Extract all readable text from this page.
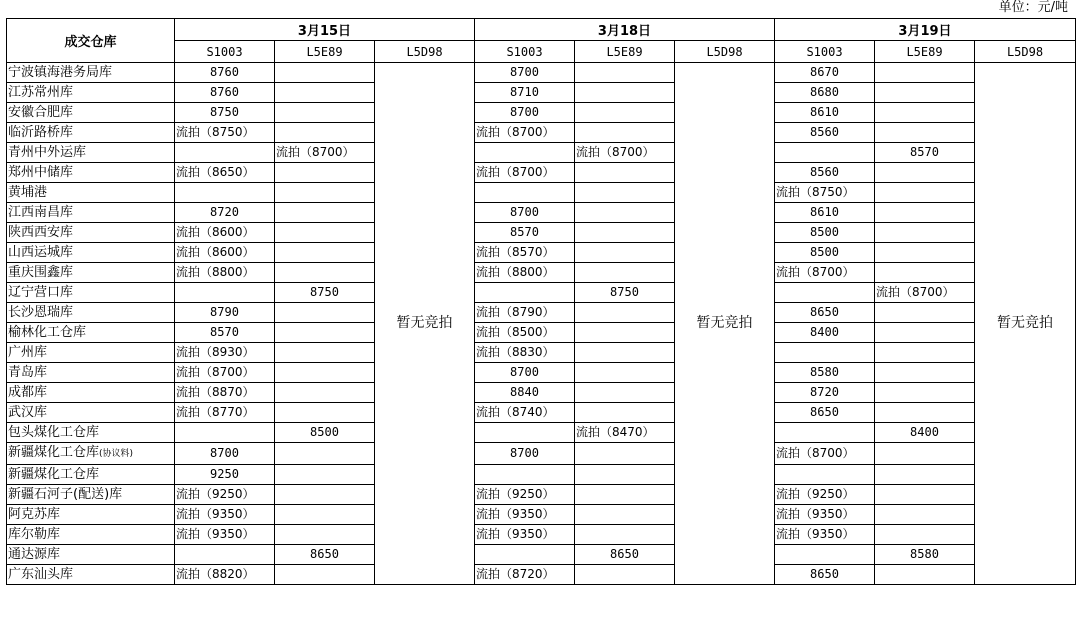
单位：元/吨
成交仓库	3月15日			3月18日			3月19日		
	S1003	L5E89	L5D98	S1003	L5E89	L5D98	S1003	L5E89	L5D98
宁波镇海港务局库	8760		暂无竞拍	8700		暂无竞拍	8670		暂无竞拍
江苏常州库	8760			8710			8680		
安徽合肥库	8750			8700			8610		
临沂路桥库	流拍（8750）			流拍（8700）			8560		
青州中外运库		流拍（8700）			流拍（8700）			8570	
郑州中储库	流拍（8650）			流拍（8700）			8560		
黄埔港							流拍（8750）		
江西南昌库	8720			8700			8610		
陕西西安库	流拍（8600）			8570			8500		
山西运城库	流拍（8600）			流拍（8570）			8500		
重庆围鑫库	流拍（8800）			流拍（8800）			流拍（8700）		
辽宁营口库		8750			8750			流拍（8700）	
长沙恩瑞库	8790			流拍（8790）			8650		
榆林化工仓库	8570			流拍（8500）			8400		
广州库	流拍（8930）			流拍（8830）					
青岛库	流拍（8700）			8700			8580		
成都库	流拍（8870）			8840			8720		
武汉库	流拍（8770）			流拍（8740）			8650		
包头煤化工仓库		8500			流拍（8470）			8400	
新疆煤化工仓库(协议料)	8700			8700			流拍（8700）		
新疆煤化工仓库	9250								
新疆石河子(配送)库	流拍（9250）			流拍（9250）			流拍（9250）		
阿克苏库	流拍（9350）			流拍（9350）			流拍（9350）		
库尔勒库	流拍（9350）			流拍（9350）			流拍（9350）		
通达源库		8650			8650			8580	
广东汕头库	流拍（8820）			流拍（8720）			8650		
